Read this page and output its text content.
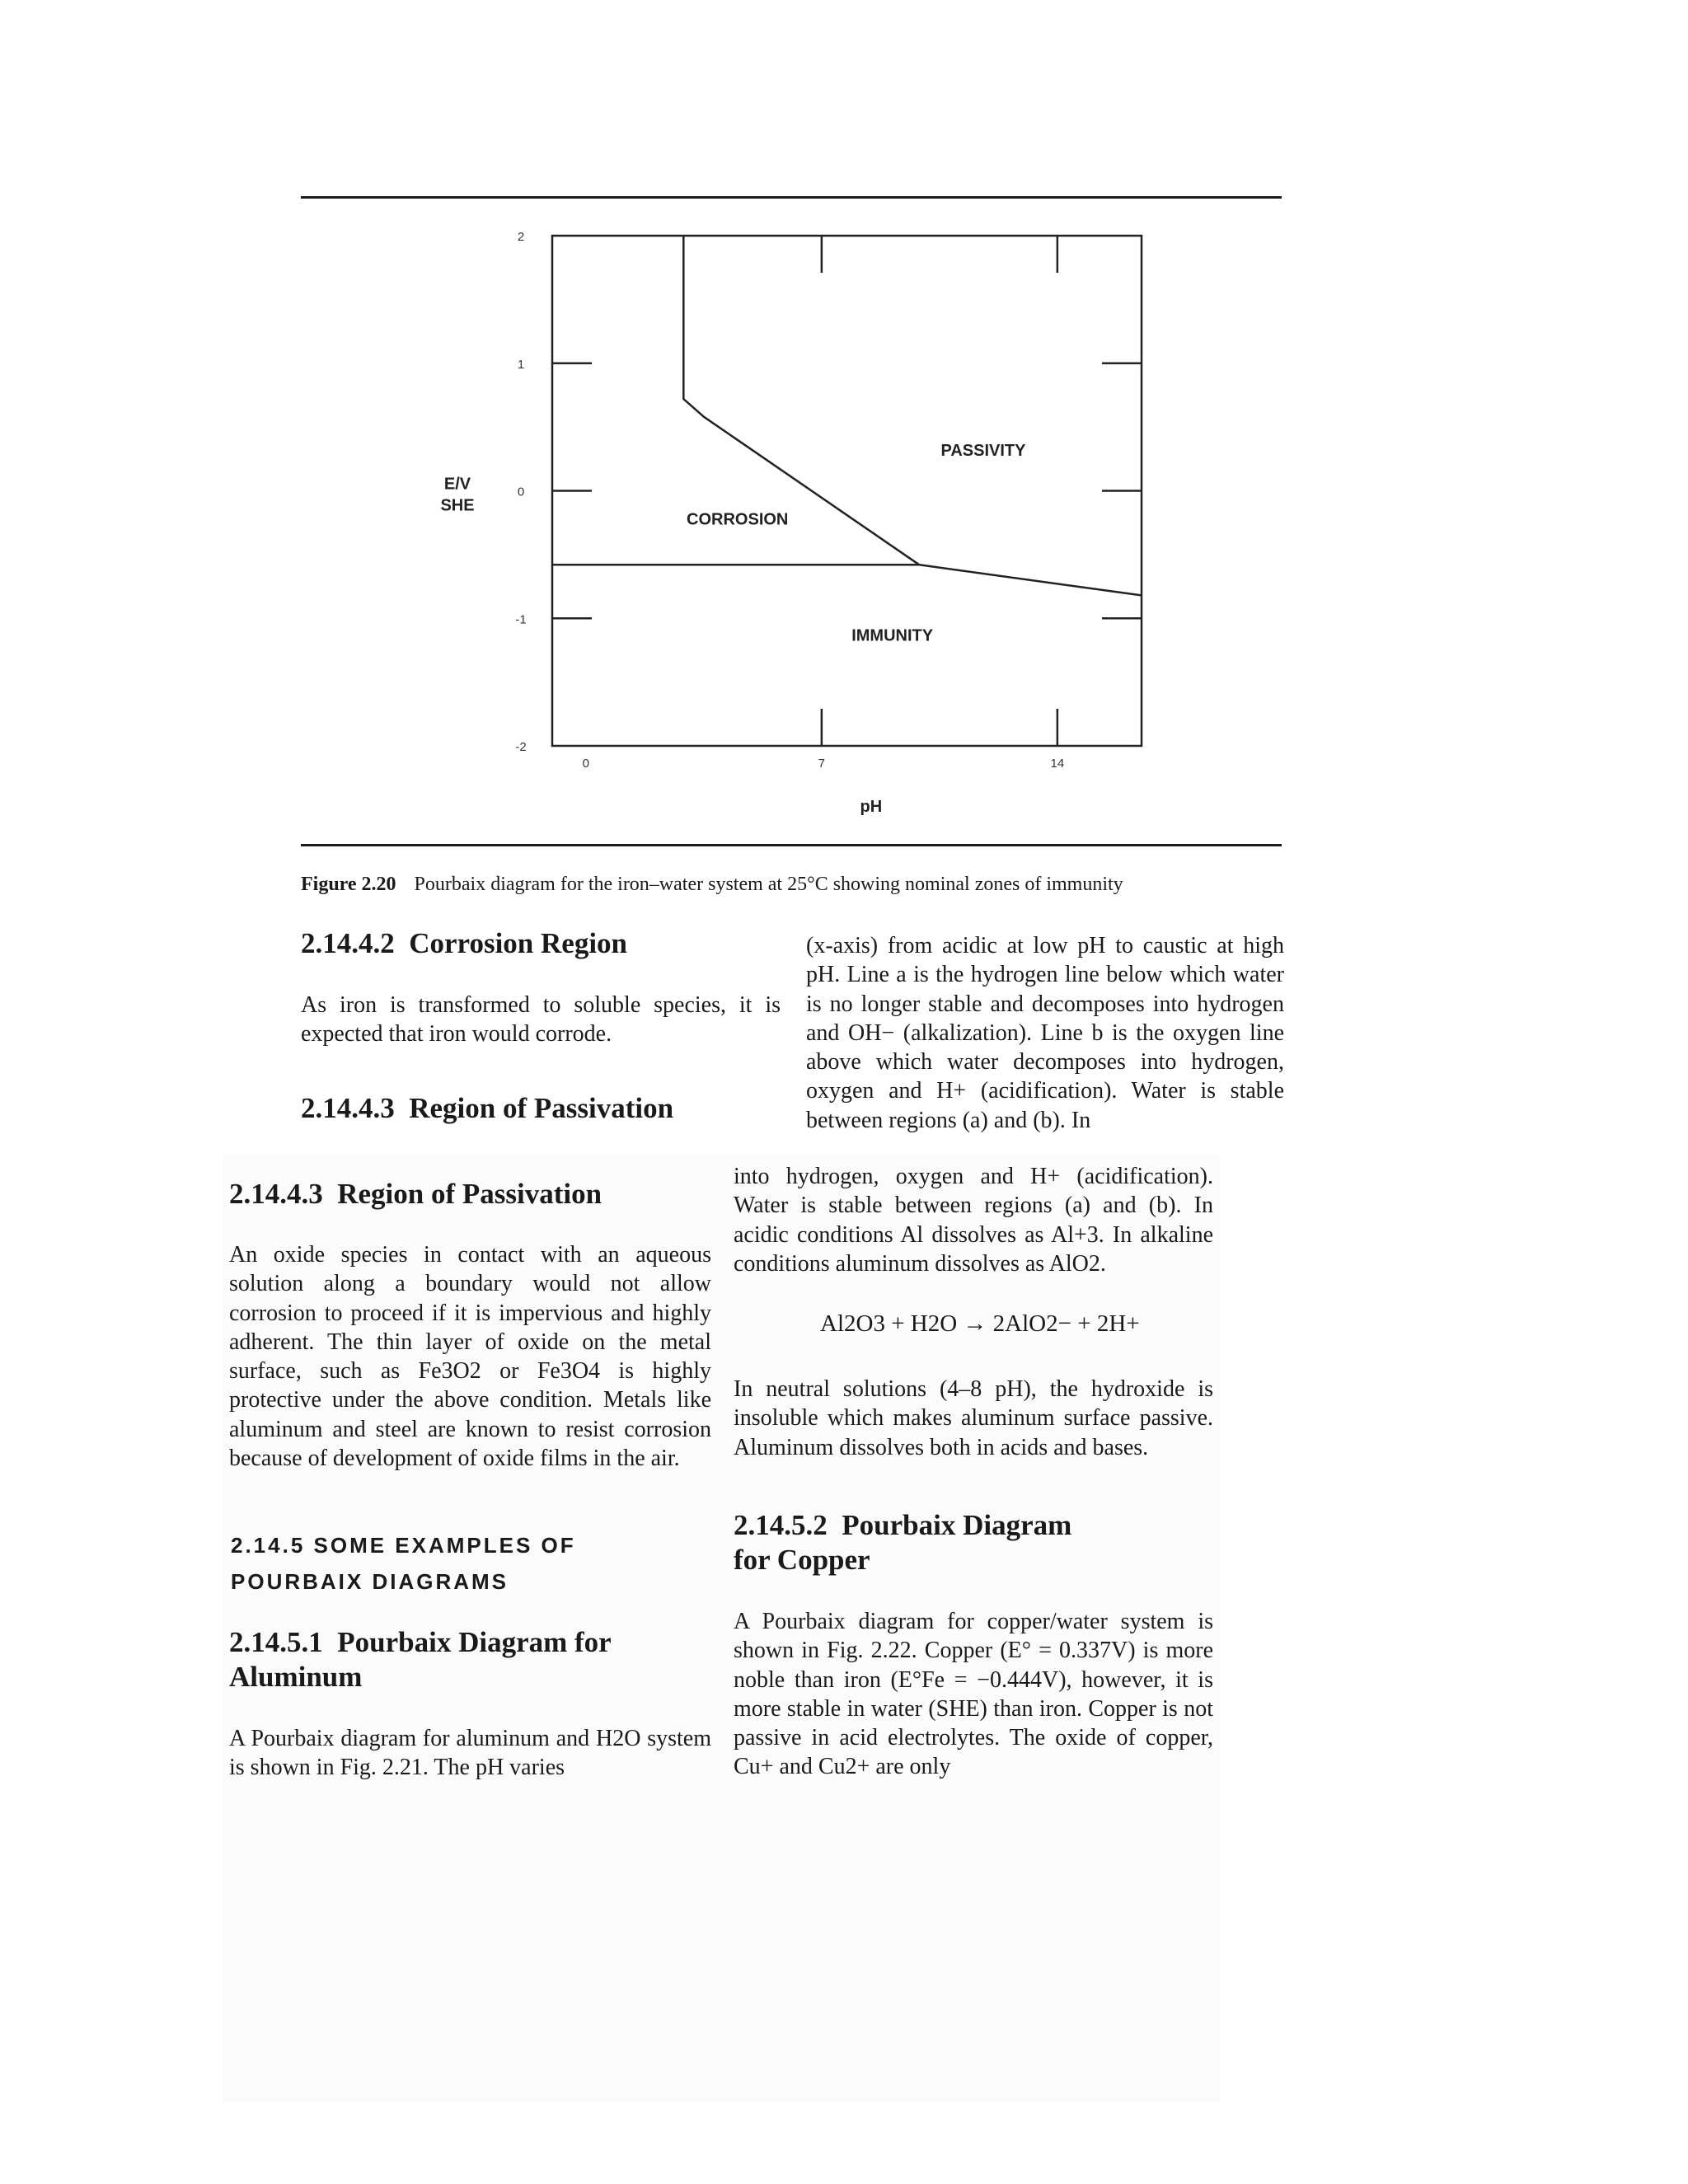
2
1
0
-1
-2
0	7	14
pH
E/V
SHE
CORROSION
PASSIVITY
IMMUNITY
Figure 2.20 Pourbaix diagram for the iron–water system at 25°C showing nominal zones of immunity
2.14.4.2  Corrosion Region
As iron is transformed to soluble species, it is expected that iron would corrode.
2.14.4.3  Region of Passivation
(x-axis) from acidic at low pH to caustic at high pH. Line a is the hydrogen line below which water is no longer stable and decomposes into hydrogen and OH− (alkalization). Line b is the oxygen line above which water decomposes into hydrogen, oxygen and H+ (acidification). Water is stable between regions (a) and (b). In
2.14.4.3  Region of Passivation
An oxide species in contact with an aqueous solution along a boundary would not allow corrosion to proceed if it is impervious and highly adherent. The thin layer of oxide on the metal surface, such as Fe3O2 or Fe3O4 is highly protective under the above condition. Metals like aluminum and steel are known to resist corrosion because of development of oxide films in the air.
2.14.5 SOME EXAMPLES OF
POURBAIX DIAGRAMS
2.14.5.1  Pourbaix Diagram for
Aluminum
A Pourbaix diagram for aluminum and H2O system is shown in Fig. 2.21. The pH varies
into hydrogen, oxygen and H+ (acidification). Water is stable between regions (a) and (b). In acidic conditions Al dissolves as Al+3. In alkaline conditions aluminum dissolves as AlO2.
Al2O3 + H2O → 2AlO2− + 2H+
In neutral solutions (4–8 pH), the hydroxide is insoluble which makes aluminum surface passive. Aluminum dissolves both in acids and bases.
2.14.5.2  Pourbaix Diagram
for Copper
A Pourbaix diagram for copper/water system is shown in Fig. 2.22. Copper (E° = 0.337V) is more noble than iron (E°Fe = −0.444V), however, it is more stable in water (SHE) than iron. Copper is not passive in acid electrolytes. The oxide of copper, Cu+ and Cu2+ are only
